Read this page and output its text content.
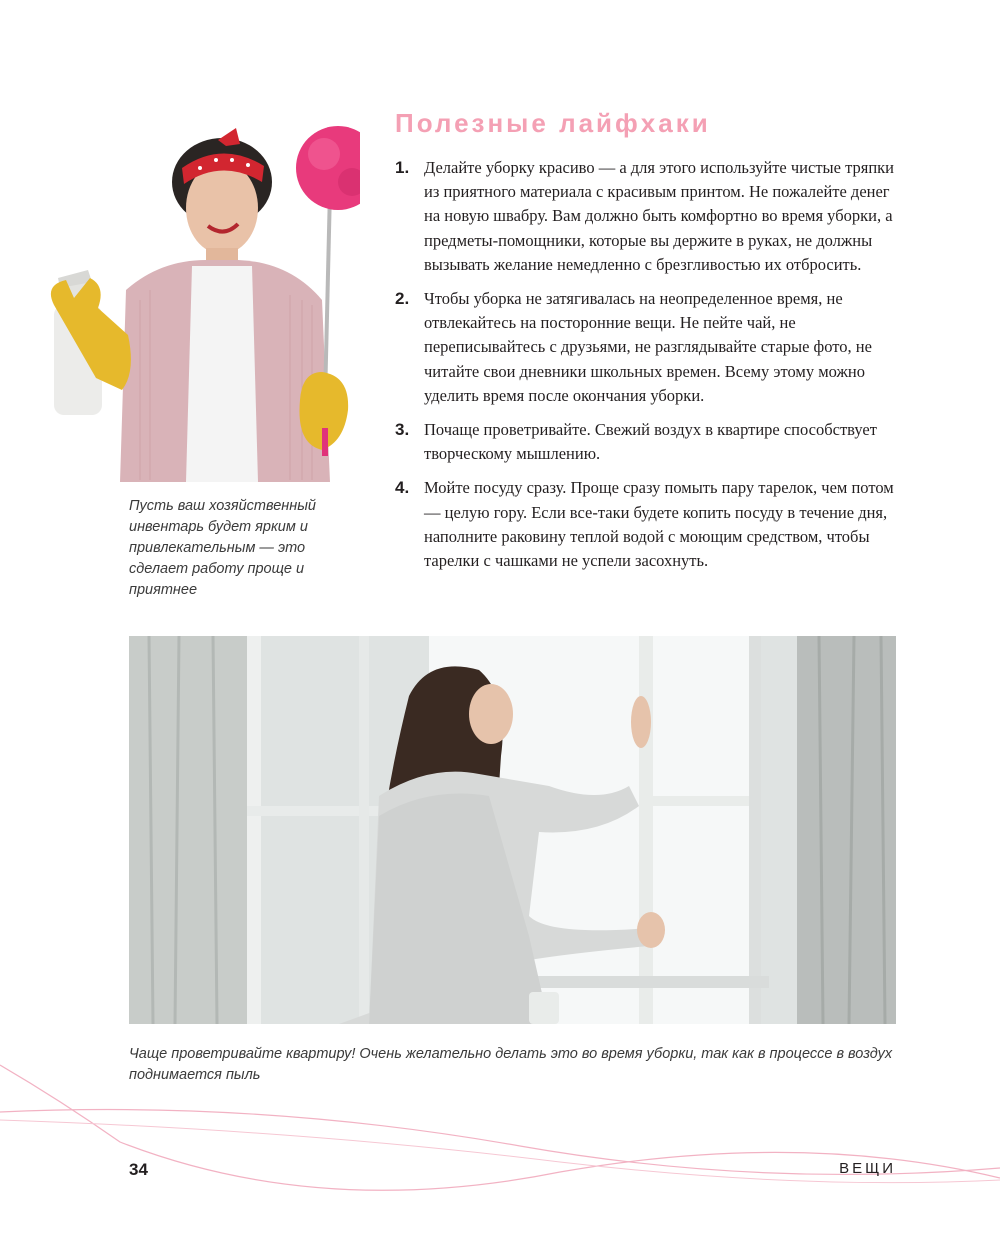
Пусть ваш хозяйственный инвентарь будет ярким и привлекательным — это сделает работу проще и приятнее
Полезные лайфхаки
1. Делайте уборку красиво — а для этого используйте чистые тряпки из приятного материала с красивым принтом. Не пожалейте денег на новую швабру. Вам должно быть комфортно во время уборки, а предметы-помощники, которые вы держите в руках, не должны вызывать желание немедленно с брезгливостью их отбросить.
2. Чтобы уборка не затягивалась на неопределенное время, не отвлекайтесь на посторонние вещи. Не пейте чай, не переписывайтесь с друзьями, не разглядывайте старые фото, не читайте свои дневники школьных времен. Всему этому можно уделить время после окончания уборки.
3. Почаще проветривайте. Свежий воздух в квартире способствует творческому мышлению.
4. Мойте посуду сразу. Проще сразу помыть пару тарелок, чем потом — целую гору. Если все-таки будете копить посуду в течение дня, наполните раковину теплой водой с моющим средством, чтобы тарелки с чашками не успели засохнуть.
Чаще проветривайте квартиру! Очень желательно делать это во время уборки, так как в процессе в воздух поднимается пыль
34	ВЕЩИ
